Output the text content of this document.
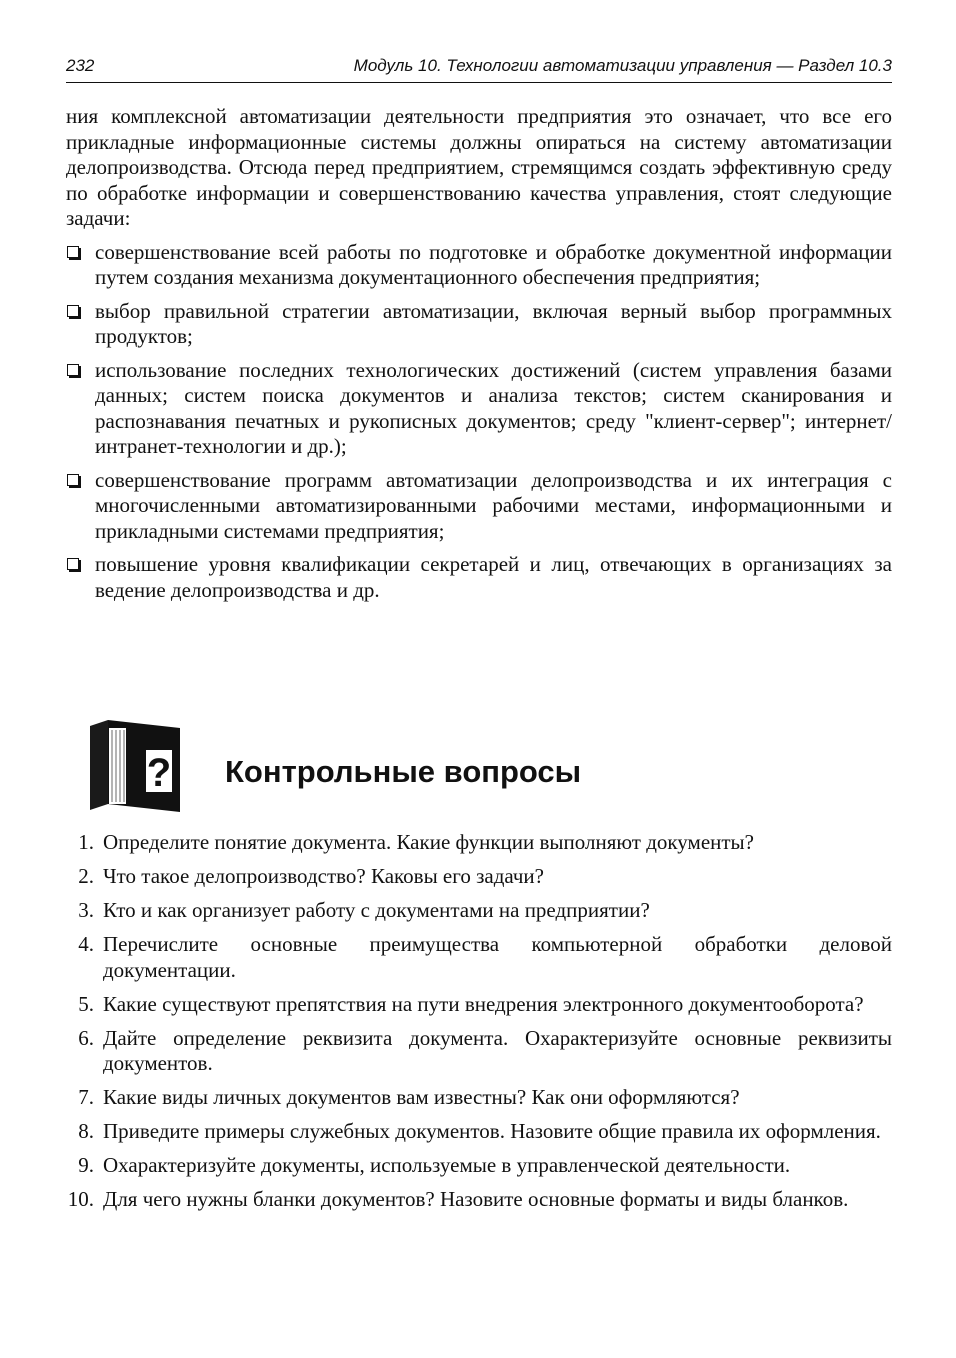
232	Модуль 10. Технологии автоматизации управления — Раздел 10.3

ния комплексной автоматизации деятельности предприятия это означает, что все его прикладные информационные системы должны опираться на систему автоматизации делопроизводства. Отсюда перед предприятием, стремящимся создать эффективную среду по обработке информации и совершенствованию качества управления, стоят следующие задачи:

совершенствование всей работы по подготовке и обработке документной информации путем создания механизма документационного обеспечения предприятия;
выбор правильной стратегии автоматизации, включая верный выбор программных продуктов;
использование последних технологических достижений (систем управления базами данных; систем поиска документов и анализа текстов; систем сканирования и распознавания печатных и рукописных документов; среду "клиент-сервер"; интернет/интранет-технологии и др.);
совершенствование программ автоматизации делопроизводства и их интеграция с многочисленными автоматизированными рабочими местами, информационными и прикладными системами предприятия;
повышение уровня квалификации секретарей и лиц, отвечающих в организациях за ведение делопроизводства и др.
? Контрольные вопросы
1. Определите понятие документа. Какие функции выполняют документы?
2. Что такое делопроизводство? Каковы его задачи?
3. Кто и как организует работу с документами на предприятии?
4. Перечислите основные преимущества компьютерной обработки деловой документации.
5. Какие существуют препятствия на пути внедрения электронного документооборота?
6. Дайте определение реквизита документа. Охарактеризуйте основные реквизиты документов.
7. Какие виды личных документов вам известны? Как они оформляются?
8. Приведите примеры служебных документов. Назовите общие правила их оформления.
9. Охарактеризуйте документы, используемые в управленческой деятельности.
10. Для чего нужны бланки документов? Назовите основные форматы и виды бланков.
